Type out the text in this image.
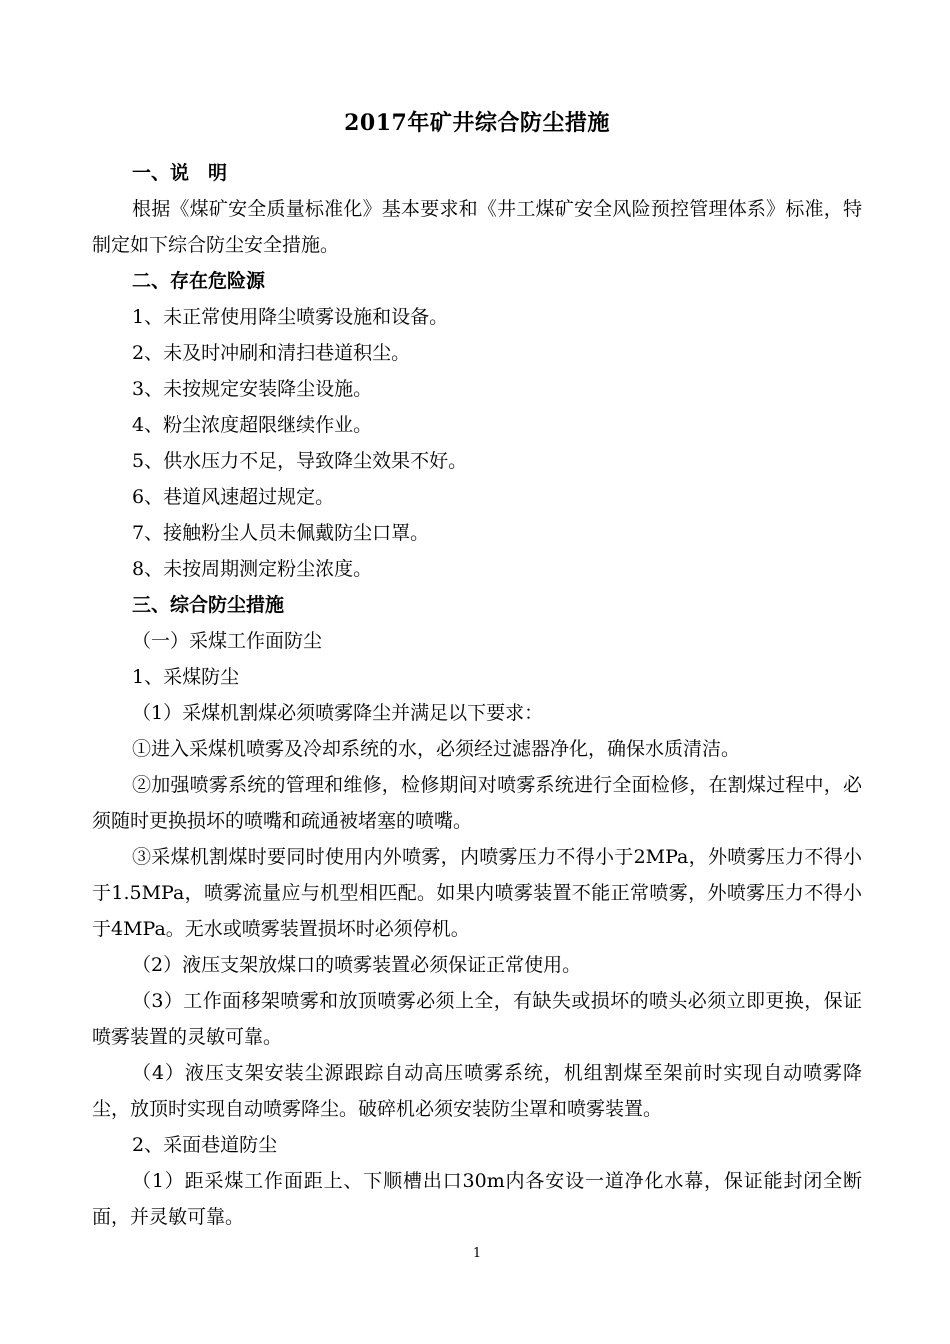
2017年矿井综合防尘措施

一、说　明

根据《煤矿安全质量标准化》基本要求和《井工煤矿安全风险预控管理体系》标准，特制定如下综合防尘安全措施。

二、存在危险源

1、未正常使用降尘喷雾设施和设备。

2、未及时冲刷和清扫巷道积尘。

3、未按规定安装降尘设施。

4、粉尘浓度超限继续作业。

5、供水压力不足，导致降尘效果不好。

6、巷道风速超过规定。

7、接触粉尘人员未佩戴防尘口罩。

8、未按周期测定粉尘浓度。

三、综合防尘措施

（一）采煤工作面防尘

1、采煤防尘

（1）采煤机割煤必须喷雾降尘并满足以下要求：

①进入采煤机喷雾及冷却系统的水，必须经过滤器净化，确保水质清洁。

②加强喷雾系统的管理和维修，检修期间对喷雾系统进行全面检修，在割煤过程中，必须随时更换损坏的喷嘴和疏通被堵塞的喷嘴。

③采煤机割煤时要同时使用内外喷雾，内喷雾压力不得小于2MPa，外喷雾压力不得小于1.5MPa，喷雾流量应与机型相匹配。如果内喷雾装置不能正常喷雾，外喷雾压力不得小于4MPa。无水或喷雾装置损坏时必须停机。

（2）液压支架放煤口的喷雾装置必须保证正常使用。

（3）工作面移架喷雾和放顶喷雾必须上全，有缺失或损坏的喷头必须立即更换，保证喷雾装置的灵敏可靠。

（4）液压支架安装尘源跟踪自动高压喷雾系统，机组割煤至架前时实现自动喷雾降尘，放顶时实现自动喷雾降尘。破碎机必须安装防尘罩和喷雾装置。

2、采面巷道防尘

（1）距采煤工作面距上、下顺槽出口30m内各安设一道净化水幕，保证能封闭全断面，并灵敏可靠。

1
